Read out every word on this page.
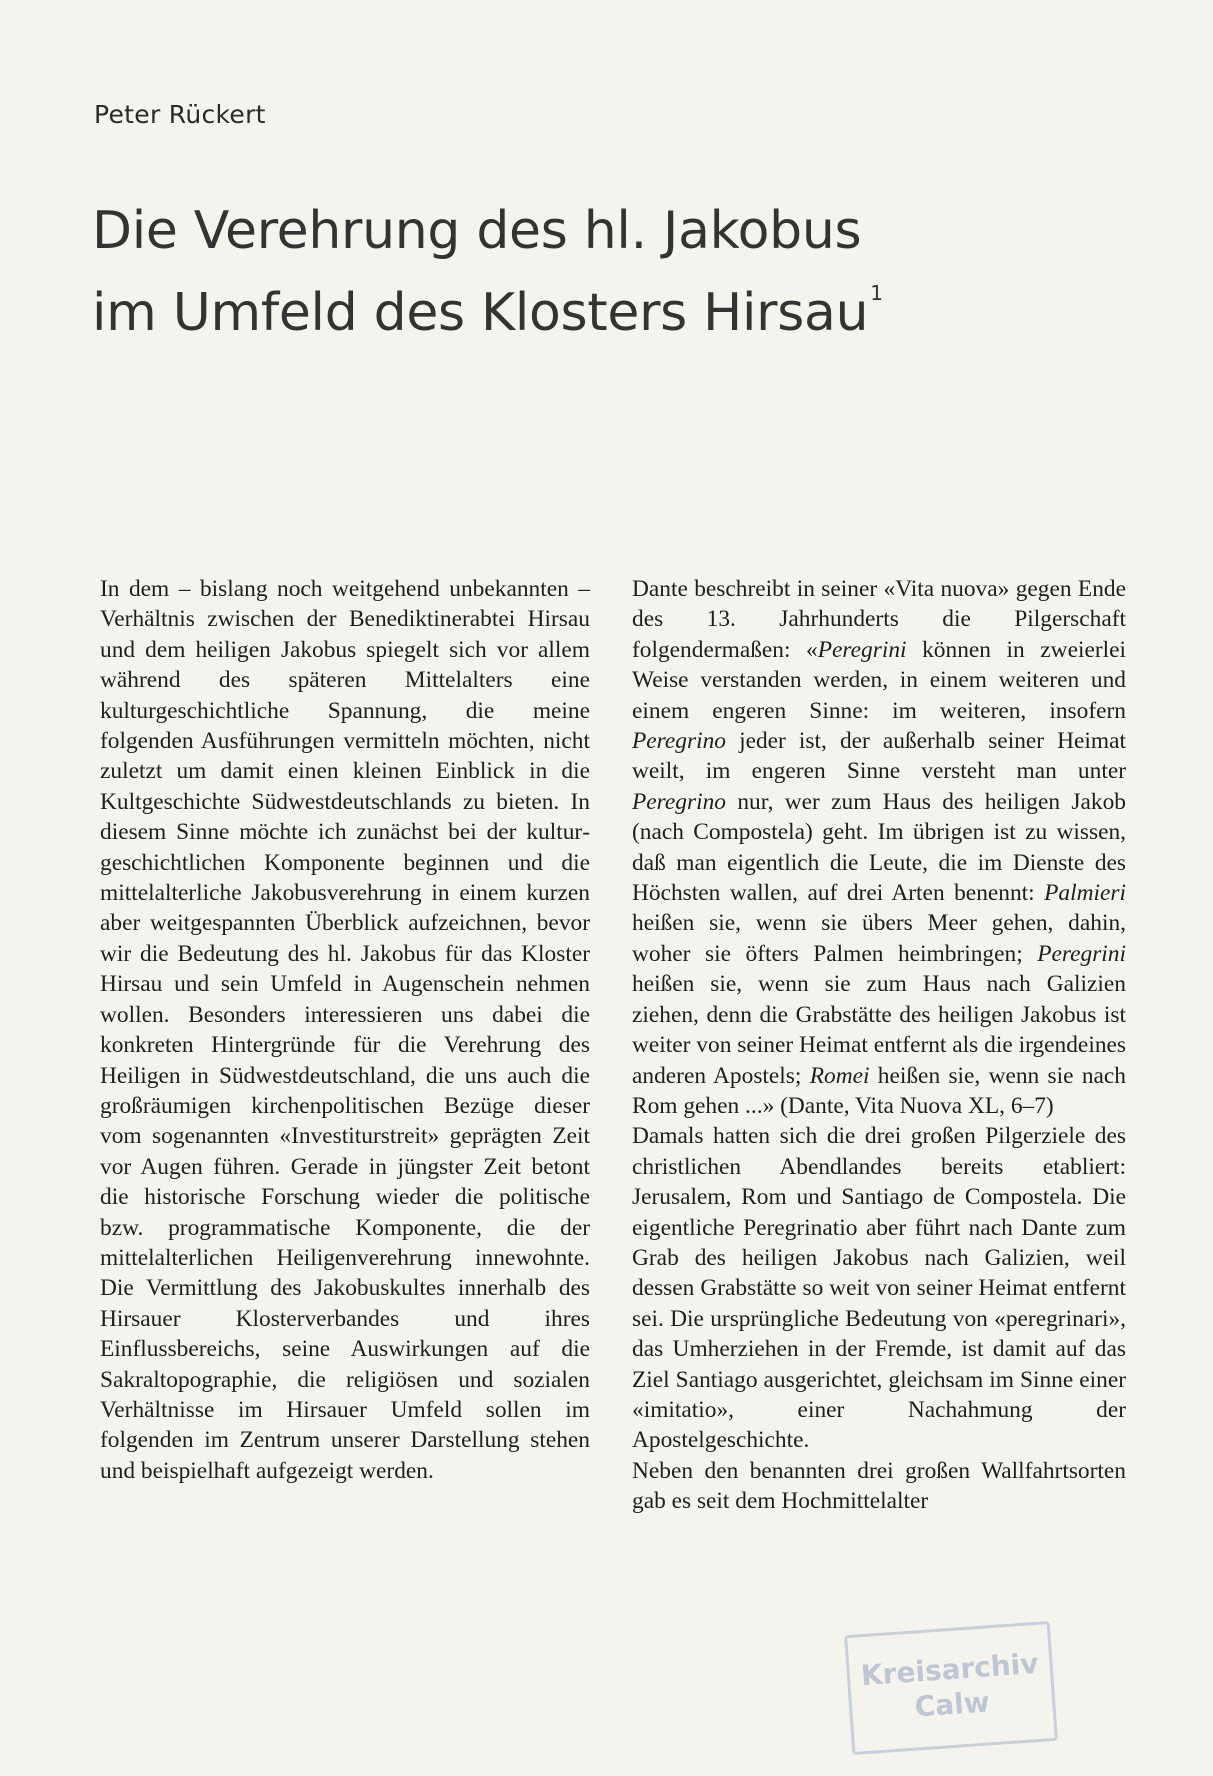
Peter Rückert
Die Verehrung des hl. Jakobus
im Umfeld des Klosters Hirsau $^1$

In dem – bislang noch weitgehend unbekannten – Verhältnis zwischen der Benediktinerabtei Hirsau und dem heiligen Jakobus spiegelt sich vor allem während des späteren Mittelalters eine kulturgeschichtliche Spannung, die meine folgenden Ausführungen vermitteln möchten, nicht zuletzt um damit einen kleinen Einblick in die Kultgeschichte Südwestdeutschlands zu bieten. In diesem Sinne möchte ich zunächst bei der kulturgeschichtlichen Komponente beginnen und die mittelalterliche Jakobusverehrung in einem kurzen aber weitgespannten Überblick aufzeichnen, bevor wir die Bedeutung des hl. Jakobus für das Kloster Hirsau und sein Umfeld in Augenschein nehmen wollen. Besonders interessieren uns dabei die konkreten Hintergründe für die Verehrung des Heiligen in Südwestdeutschland, die uns auch die großräumigen kirchenpolitischen Bezüge dieser vom sogenannten «Investiturstreit» geprägten Zeit vor Augen führen. Gerade in jüngster Zeit betont die historische Forschung wieder die politische bzw. programmatische Komponente, die der mittelalterlichen Heiligenverehrung innewohnte. Die Vermittlung des Jakobuskultes innerhalb des Hirsauer Klosterverbandes und ihres Einflussbereichs, seine Auswirkungen auf die Sakraltopographie, die religiösen und sozialen Verhältnisse im Hirsauer Umfeld sollen im folgenden im Zentrum unserer Darstellung stehen und beispielhaft aufgezeigt werden.

Dante beschreibt in seiner «Vita nuova» gegen Ende des 13. Jahrhunderts die Pilgerschaft folgendermaßen: «Peregrini können in zweierlei Weise verstanden werden, in einem weiteren und einem engeren Sinne: im weiteren, insofern Peregrino jeder ist, der außerhalb seiner Heimat weilt, im engeren Sinne versteht man unter Peregrino nur, wer zum Haus des heiligen Jakob (nach Compostela) geht. Im übrigen ist zu wissen, daß man eigentlich die Leute, die im Dienste des Höchsten wallen, auf drei Arten benennt: Palmieri heißen sie, wenn sie übers Meer gehen, dahin, woher sie öfters Palmen heimbringen; Peregrini heißen sie, wenn sie zum Haus nach Galizien ziehen, denn die Grabstätte des heiligen Jakobus ist weiter von seiner Heimat entfernt als die irgendeines anderen Apostels; Romei heißen sie, wenn sie nach Rom gehen ...» (Dante, Vita Nuova XL, 6–7)

Damals hatten sich die drei großen Pilgerziele des christlichen Abendlandes bereits etabliert: Jerusalem, Rom und Santiago de Compostela. Die eigentliche Peregrinatio aber führt nach Dante zum Grab des heiligen Jakobus nach Galizien, weil dessen Grabstätte so weit von seiner Heimat entfernt sei. Die ursprüngliche Bedeutung von «peregrinari», das Umherziehen in der Fremde, ist damit auf das Ziel Santiago ausgerichtet, gleichsam im Sinne einer «imitatio», einer Nachahmung der Apostelgeschichte.

Neben den benannten drei großen Wallfahrtsorten gab es seit dem Hochmittelalter

Kreisarchiv
Calw
